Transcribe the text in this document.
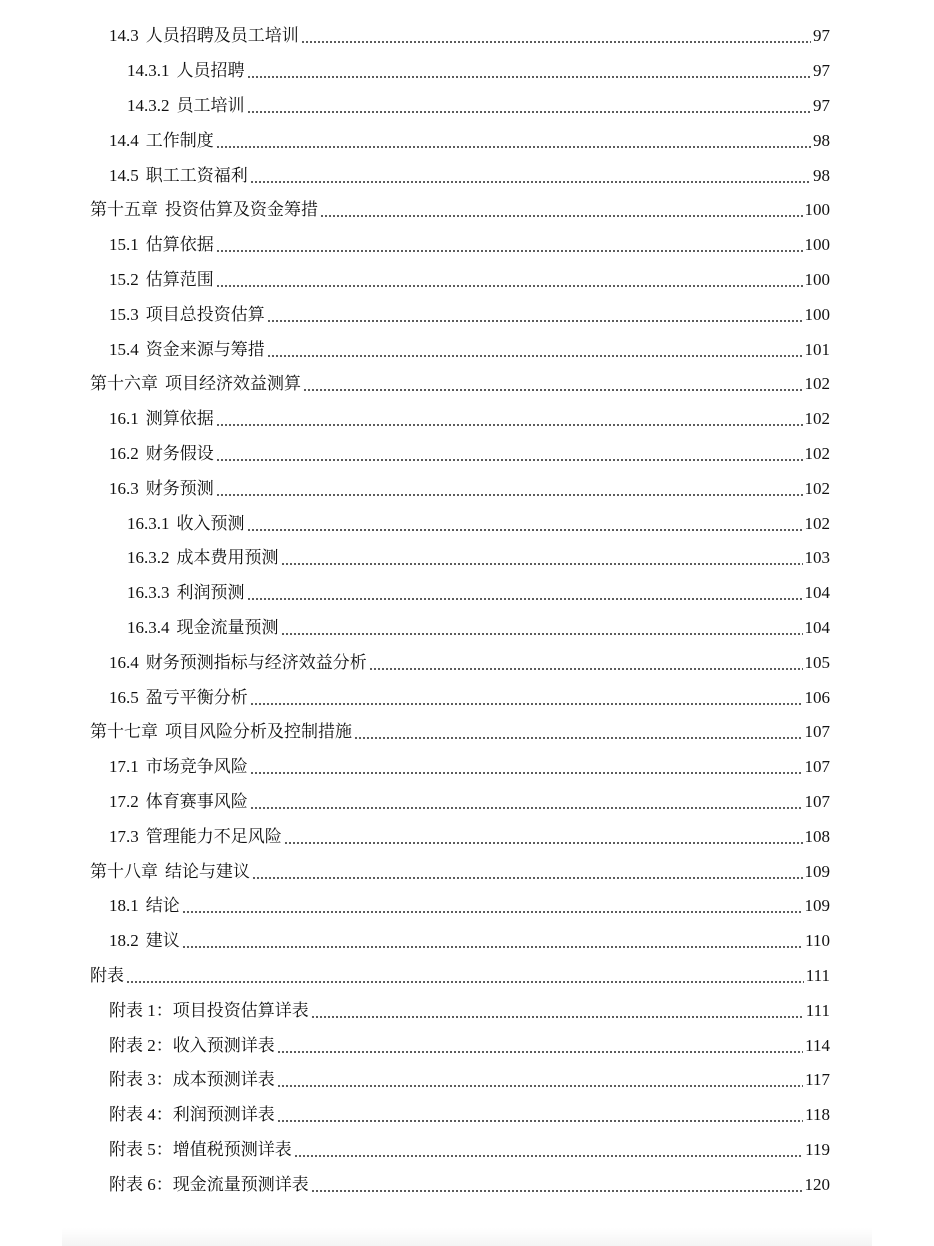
14.3 人员招聘及员工培训	97
14.3.1 人员招聘	97
14.3.2 员工培训	97
14.4 工作制度	98
14.5 职工工资福利	98
第十五章 投资估算及资金筹措	100
15.1 估算依据	100
15.2 估算范围	100
15.3 项目总投资估算	100
15.4 资金来源与筹措	101
第十六章 项目经济效益测算	102
16.1 测算依据	102
16.2 财务假设	102
16.3 财务预测	102
16.3.1 收入预测	102
16.3.2 成本费用预测	103
16.3.3 利润预测	104
16.3.4 现金流量预测	104
16.4 财务预测指标与经济效益分析	105
16.5 盈亏平衡分析	106
第十七章 项目风险分析及控制措施	107
17.1 市场竞争风险	107
17.2 体育赛事风险	107
17.3 管理能力不足风险	108
第十八章 结论与建议	109
18.1 结论	109
18.2 建议	110
附表	111
附表 1：项目投资估算详表	111
附表 2：收入预测详表	114
附表 3：成本预测详表	117
附表 4：利润预测详表	118
附表 5：增值税预测详表	119
附表 6：现金流量预测详表	120
